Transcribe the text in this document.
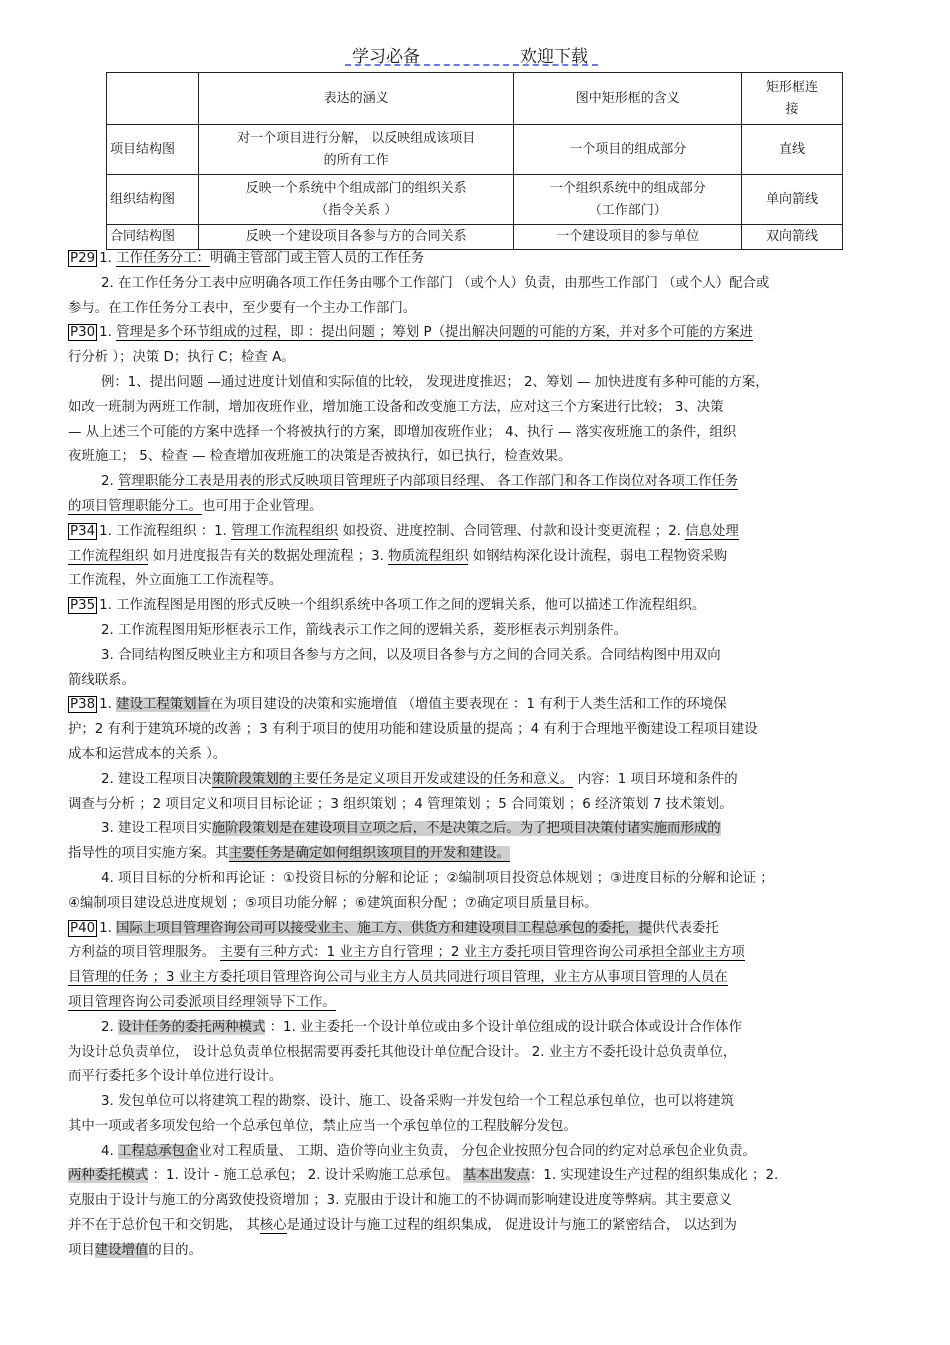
学习必备	欢迎下载
	表达的涵义	图中矩形框的含义	矩形框连
接
项目结构图	对一个项目进行分解， 以反映组成该项目
的所有工作	一个项目的组成部分	直线
组织结构图	反映一个系统中个组成部门的组织关系
（指令关系 ）	一个组织系统中的组成部分
（工作部门）	单向箭线
合同结构图	反映一个建设项目各参与方的合同关系	一个建设项目的参与单位	双向箭线

P29 1. 工作任务分工：明确主管部门或主管人员的工作任务

2. 在工作任务分工表中应明确各项工作任务由哪个工作部门 （或个人）负责，由那些工作部门 （或个人）配合或

参与。在工作任务分工表中，至少要有一个主办工作部门。

P30 1. 管理是多个环节组成的过程，即 ：提出问题 ；筹划 P（提出解决问题的可能的方案，并对多个可能的方案进

行分析 ）；决策 D；执行 C；检查 A。

例：1、提出问题 —通过进度计划值和实际值的比较， 发现进度推迟； 2、筹划 — 加快进度有多种可能的方案，

如改一班制为两班工作制，增加夜班作业，增加施工设备和改变施工方法，应对这三个方案进行比较； 3、决策

— 从上述三个可能的方案中选择一个将被执行的方案，即增加夜班作业； 4、执行 — 落实夜班施工的条件，组织

夜班施工； 5、检查 — 检查增加夜班施工的决策是否被执行，如已执行，检查效果。

2. 管理职能分工表是用表的形式反映项目管理班子内部项目经理、 各工作部门和各工作岗位对各项工作任务

的项目管理职能分工。也可用于企业管理。

P34 1. 工作流程组织 ：1. 管理工作流程组织 如投资、进度控制、合同管理、付款和设计变更流程 ；2. 信息处理

工作流程组织 如月进度报告有关的数据处理流程 ；3. 物质流程组织 如钢结构深化设计流程，弱电工程物资采购

工作流程，外立面施工工作流程等。

P35 1. 工作流程图是用图的形式反映一个组织系统中各项工作之间的逻辑关系，他可以描述工作流程组织。

2. 工作流程图用矩形框表示工作，箭线表示工作之间的逻辑关系，菱形框表示判别条件。

3. 合同结构图反映业主方和项目各参与方之间，以及项目各参与方之间的合同关系。合同结构图中用双向

箭线联系。

P38 1. 建设工程策划旨在为项目建设的决策和实施增值 （增值主要表现在 ：1 有利于人类生活和工作的环境保

护；2 有利于建筑环境的改善 ；3 有利于项目的使用功能和建设质量的提高 ；4 有利于合理地平衡建设工程项目建设

成本和运营成本的关系 ）。

2. 建设工程项目决策阶段策划的主要任务是定义项目开发或建设的任务和意义。 内容：1 项目环境和条件的

调查与分析 ；2 项目定义和项目目标论证 ；3 组织策划 ；4 管理策划 ；5 合同策划 ；6 经济策划 7 技术策划。

3. 建设工程项目实施阶段策划是在建设项目立项之后，不是决策之后。为了把项目决策付诸实施而形成的

指导性的项目实施方案。其主要任务是确定如何组织该项目的开发和建设。

4. 项目目标的分析和再论证 ：①投资目标的分解和论证 ；②编制项目投资总体规划 ；③进度目标的分解和论证 ；

④编制项目建设总进度规划 ；⑤项目功能分解 ；⑥建筑面积分配 ；⑦确定项目质量目标。

P40 1. 国际上项目管理咨询公司可以接受业主、施工方、供货方和建设项目工程总承包的委托，提供代表委托

方利益的项目管理服务。 主要有三种方式：1 业主方自行管理 ；2 业主方委托项目管理咨询公司承担全部业主方项

目管理的任务 ；3 业主方委托项目管理咨询公司与业主方人员共同进行项目管理，业主方从事项目管理的人员在

项目管理咨询公司委派项目经理领导下工作。

2. 设计任务的委托两种模式 ：1. 业主委托一个设计单位或由多个设计单位组成的设计联合体或设计合作体作

为设计总负责单位， 设计总负责单位根据需要再委托其他设计单位配合设计。 2. 业主方不委托设计总负责单位，

而平行委托多个设计单位进行设计。

3. 发包单位可以将建筑工程的勘察、设计、施工、设备采购一并发包给一个工程总承包单位，也可以将建筑

其中一项或者多项发包给一个总承包单位，禁止应当一个承包单位的工程肢解分发包。

4. 工程总承包企业对工程质量、 工期、造价等向业主负责， 分包企业按照分包合同的约定对总承包企业负责。

两种委托模式 ：1. 设计 - 施工总承包； 2. 设计采购施工总承包。 基本出发点：1. 实现建设生产过程的组织集成化 ；2.

克服由于设计与施工的分离致使投资增加 ；3. 克服由于设计和施工的不协调而影响建设进度等弊病。其主要意义

并不在于总价包干和交钥匙， 其核心是通过设计与施工过程的组织集成， 促进设计与施工的紧密结合， 以达到为

项目建设增值的目的。
